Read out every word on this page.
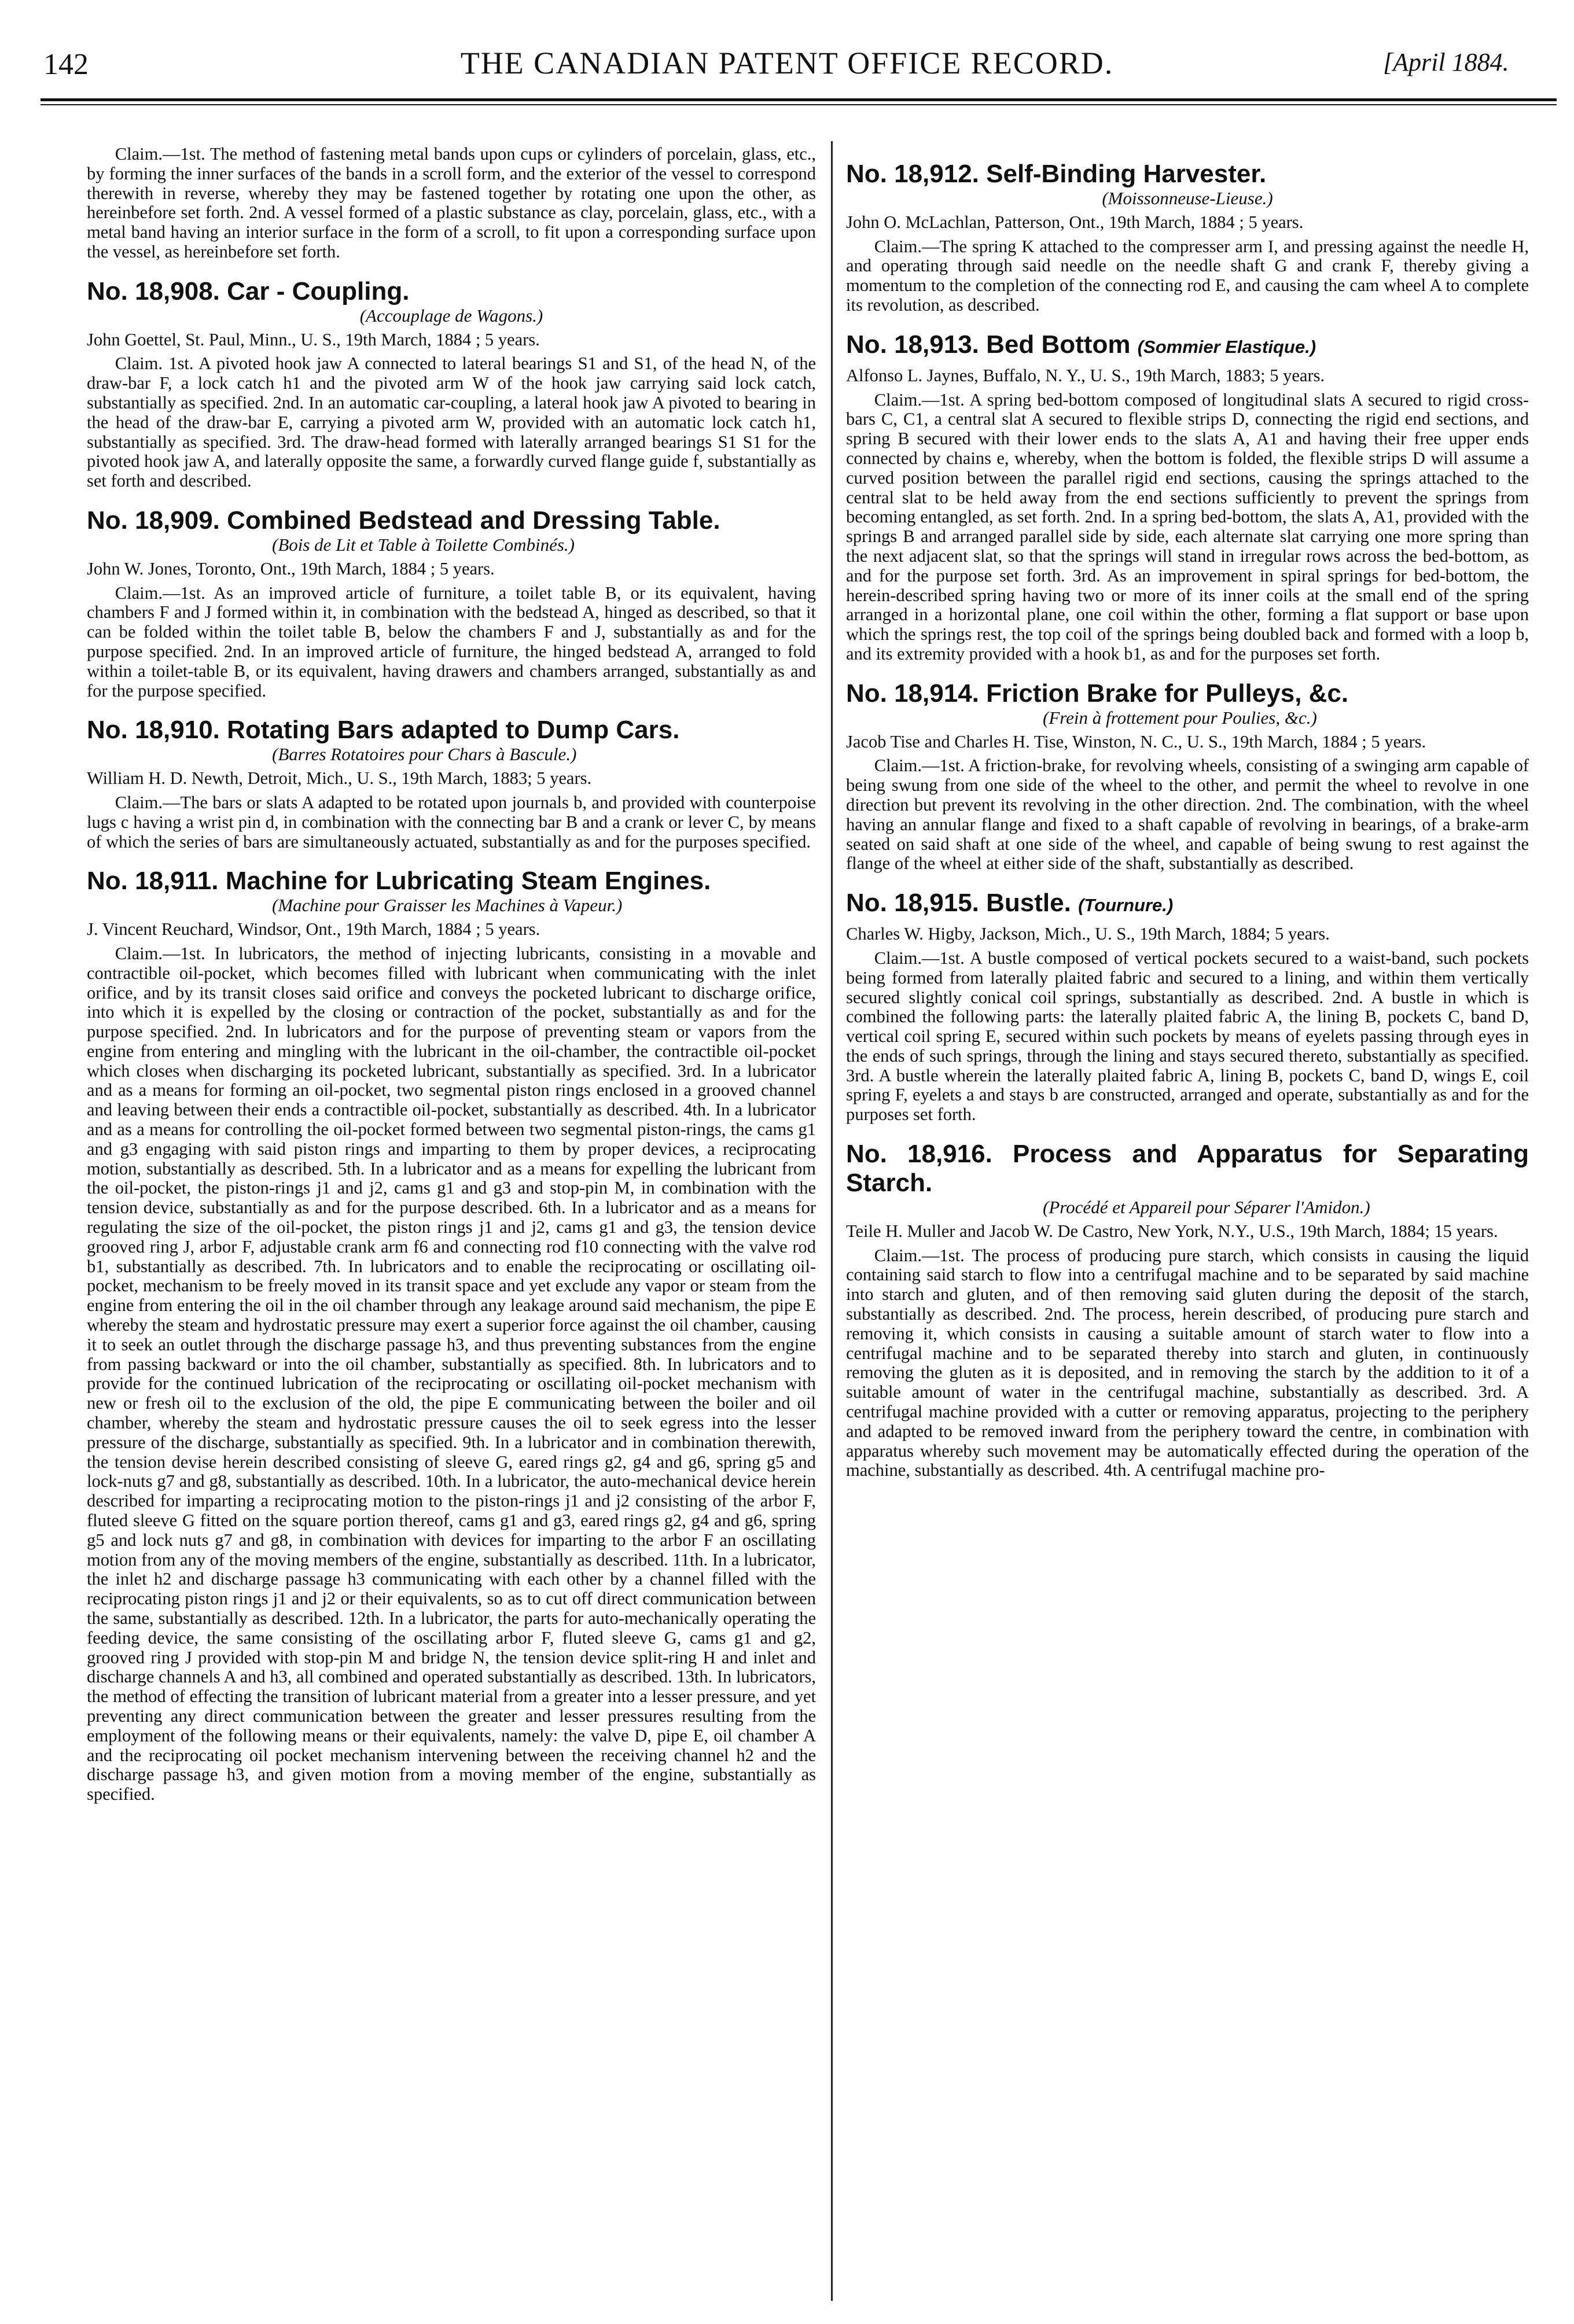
142	THE CANADIAN PATENT OFFICE RECORD.	[April 1884.

Claim.—1st. The method of fastening metal bands upon cups or cylinders of porcelain, glass, etc., by forming the inner surfaces of the bands in a scroll form, and the exterior of the vessel to correspond therewith in reverse, whereby they may be fastened together by rotating one upon the other, as hereinbefore set forth. 2nd. A vessel formed of a plastic substance as clay, porcelain, glass, etc., with a metal band having an interior surface in the form of a scroll, to fit upon a corresponding surface upon the vessel, as hereinbefore set forth.

No. 18,908. Car - Coupling.
(Accouplage de Wagons.)
John Goettel, St. Paul, Minn., U. S., 19th March, 1884 ; 5 years.

Claim. 1st. A pivoted hook jaw A connected to lateral bearings S1 and S1, of the head N, of the draw-bar F, a lock catch h1 and the pivoted arm W of the hook jaw carrying said lock catch, substantially as specified. 2nd. In an automatic car-coupling, a lateral hook jaw A pivoted to bearing in the head of the draw-bar E, carrying a pivoted arm W, provided with an automatic lock catch h1, substantially as specified. 3rd. The draw-head formed with laterally arranged bearings S1 S1 for the pivoted hook jaw A, and laterally opposite the same, a forwardly curved flange guide f, substantially as set forth and described.

No. 18,909. Combined Bedstead and Dressing Table.
(Bois de Lit et Table à Toilette Combinés.)
John W. Jones, Toronto, Ont., 19th March, 1884 ; 5 years.

Claim.—1st. As an improved article of furniture, a toilet table B, or its equivalent, having chambers F and J formed within it, in combination with the bedstead A, hinged as described, so that it can be folded within the toilet table B, below the chambers F and J, substantially as and for the purpose specified. 2nd. In an improved article of furniture, the hinged bedstead A, arranged to fold within a toilet-table B, or its equivalent, having drawers and chambers arranged, substantially as and for the purpose specified.

No. 18,910. Rotating Bars adapted to Dump Cars.
(Barres Rotatoires pour Chars à Bascule.)
William H. D. Newth, Detroit, Mich., U. S., 19th March, 1883; 5 years.

Claim.—The bars or slats A adapted to be rotated upon journals b, and provided with counterpoise lugs c having a wrist pin d, in combination with the connecting bar B and a crank or lever C, by means of which the series of bars are simultaneously actuated, substantially as and for the purposes specified.

No. 18,911. Machine for Lubricating Steam Engines.
(Machine pour Graisser les Machines à Vapeur.)
J. Vincent Reuchard, Windsor, Ont., 19th March, 1884 ; 5 years.

Claim.—1st. In lubricators, the method of injecting lubricants, consisting in a movable and contractible oil-pocket, which becomes filled with lubricant when communicating with the inlet orifice, and by its transit closes said orifice and conveys the pocketed lubricant to discharge orifice, into which it is expelled by the closing or contraction of the pocket, substantially as and for the purpose specified. 2nd. In lubricators and for the purpose of preventing steam or vapors from the engine from entering and mingling with the lubricant in the oil-chamber, the contractible oil-pocket which closes when discharging its pocketed lubricant, substantially as specified. 3rd. In a lubricator and as a means for forming an oil-pocket, two segmental piston rings enclosed in a grooved channel and leaving between their ends a contractible oil-pocket, substantially as described. 4th. In a lubricator and as a means for controlling the oil-pocket formed between two segmental piston-rings, the cams g1 and g3 engaging with said piston rings and imparting to them by proper devices, a reciprocating motion, substantially as described. 5th. In a lubricator and as a means for expelling the lubricant from the oil-pocket, the piston-rings j1 and j2, cams g1 and g3 and stop-pin M, in combination with the tension device, substantially as and for the purpose described. 6th. In a lubricator and as a means for regulating the size of the oil-pocket, the piston rings j1 and j2, cams g1 and g3, the tension device grooved ring J, arbor F, adjustable crank arm f6 and connecting rod f10 connecting with the valve rod b1, substantially as described. 7th. In lubricators and to enable the reciprocating or oscillating oil-pocket, mechanism to be freely moved in its transit space and yet exclude any vapor or steam from the engine from entering the oil in the oil chamber through any leakage around said mechanism, the pipe E whereby the steam and hydrostatic pressure may exert a superior force against the oil chamber, causing it to seek an outlet through the discharge passage h3, and thus preventing substances from the engine from passing backward or into the oil chamber, substantially as specified. 8th. In lubricators and to provide for the continued lubrication of the reciprocating or oscillating oil-pocket mechanism with new or fresh oil to the exclusion of the old, the pipe E communicating between the boiler and oil chamber, whereby the steam and hydrostatic pressure causes the oil to seek egress into the lesser pressure of the discharge, substantially as specified. 9th. In a lubricator and in combination therewith, the tension devise herein described consisting of sleeve G, eared rings g2, g4 and g6, spring g5 and lock-nuts g7 and g8, substantially as described. 10th. In a lubricator, the auto-mechanical device herein described for imparting a reciprocating motion to the piston-rings j1 and j2 consisting of the arbor F, fluted sleeve G fitted on the square portion thereof, cams g1 and g3, eared rings g2, g4 and g6, spring g5 and lock nuts g7 and g8, in combination with devices for imparting to the arbor F an oscillating motion from any of the moving members of the engine, substantially as described. 11th. In a lubricator, the inlet h2 and discharge passage h3 communicating with each other by a channel filled with the reciprocating piston rings j1 and j2 or their equivalents, so as to cut off direct communication between the same, substantially as described. 12th. In a lubricator, the parts for auto-mechanically operating the feeding device, the same consisting of the oscillating arbor F, fluted sleeve G, cams g1 and g2, grooved ring J provided with stop-pin M and bridge N, the tension device split-ring H and inlet and discharge channels A and h3, all combined and operated substantially as described. 13th. In lubricators, the method of effecting the transition of lubricant material from a greater into a lesser pressure, and yet preventing any direct communication between the greater and lesser pressures resulting from the employment of the following means or their equivalents, namely: the valve D, pipe E, oil chamber A and the reciprocating oil pocket mechanism intervening between the receiving channel h2 and the discharge passage h3, and given motion from a moving member of the engine, substantially as specified.

No. 18,912. Self-Binding Harvester.
(Moissonneuse-Lieuse.)
John O. McLachlan, Patterson, Ont., 19th March, 1884 ; 5 years.

Claim.—The spring K attached to the compresser arm I, and pressing against the needle H, and operating through said needle on the needle shaft G and crank F, thereby giving a momentum to the completion of the connecting rod E, and causing the cam wheel A to complete its revolution, as described.

No. 18,913. Bed Bottom (Sommier Elastique.)
Alfonso L. Jaynes, Buffalo, N. Y., U. S., 19th March, 1883; 5 years.

Claim.—1st. A spring bed-bottom composed of longitudinal slats A secured to rigid cross-bars C, C1, a central slat A secured to flexible strips D, connecting the rigid end sections, and spring B secured with their lower ends to the slats A, A1 and having their free upper ends connected by chains e, whereby, when the bottom is folded, the flexible strips D will assume a curved position between the parallel rigid end sections, causing the springs attached to the central slat to be held away from the end sections sufficiently to prevent the springs from becoming entangled, as set forth. 2nd. In a spring bed-bottom, the slats A, A1, provided with the springs B and arranged parallel side by side, each alternate slat carrying one more spring than the next adjacent slat, so that the springs will stand in irregular rows across the bed-bottom, as and for the purpose set forth. 3rd. As an improvement in spiral springs for bed-bottom, the herein-described spring having two or more of its inner coils at the small end of the spring arranged in a horizontal plane, one coil within the other, forming a flat support or base upon which the springs rest, the top coil of the springs being doubled back and formed with a loop b, and its extremity provided with a hook b1, as and for the purposes set forth.

No. 18,914. Friction Brake for Pulleys, &c.
(Frein à frottement pour Poulies, &c.)
Jacob Tise and Charles H. Tise, Winston, N. C., U. S., 19th March, 1884 ; 5 years.

Claim.—1st. A friction-brake, for revolving wheels, consisting of a swinging arm capable of being swung from one side of the wheel to the other, and permit the wheel to revolve in one direction but prevent its revolving in the other direction. 2nd. The combination, with the wheel having an annular flange and fixed to a shaft capable of revolving in bearings, of a brake-arm seated on said shaft at one side of the wheel, and capable of being swung to rest against the flange of the wheel at either side of the shaft, substantially as described.

No. 18,915. Bustle. (Tournure.)
Charles W. Higby, Jackson, Mich., U. S., 19th March, 1884; 5 years.

Claim.—1st. A bustle composed of vertical pockets secured to a waist-band, such pockets being formed from laterally plaited fabric and secured to a lining, and within them vertically secured slightly conical coil springs, substantially as described. 2nd. A bustle in which is combined the following parts: the laterally plaited fabric A, the lining B, pockets C, band D, vertical coil spring E, secured within such pockets by means of eyelets passing through eyes in the ends of such springs, through the lining and stays secured thereto, substantially as specified. 3rd. A bustle wherein the laterally plaited fabric A, lining B, pockets C, band D, wings E, coil spring F, eyelets a and stays b are constructed, arranged and operate, substantially as and for the purposes set forth.

No. 18,916. Process and Apparatus for Separating Starch.
(Procédé et Appareil pour Séparer l'Amidon.)
Teile H. Muller and Jacob W. De Castro, New York, N.Y., U.S., 19th March, 1884; 15 years.

Claim.—1st. The process of producing pure starch, which consists in causing the liquid containing said starch to flow into a centrifugal machine and to be separated by said machine into starch and gluten, and of then removing said gluten during the deposit of the starch, substantially as described. 2nd. The process, herein described, of producing pure starch and removing it, which consists in causing a suitable amount of starch water to flow into a centrifugal machine and to be separated thereby into starch and gluten, in continuously removing the gluten as it is deposited, and in removing the starch by the addition to it of a suitable amount of water in the centrifugal machine, substantially as described. 3rd. A centrifugal machine provided with a cutter or removing apparatus, projecting to the periphery and adapted to be removed inward from the periphery toward the centre, in combination with apparatus whereby such movement may be automatically effected during the operation of the machine, substantially as described. 4th. A centrifugal machine pro-
